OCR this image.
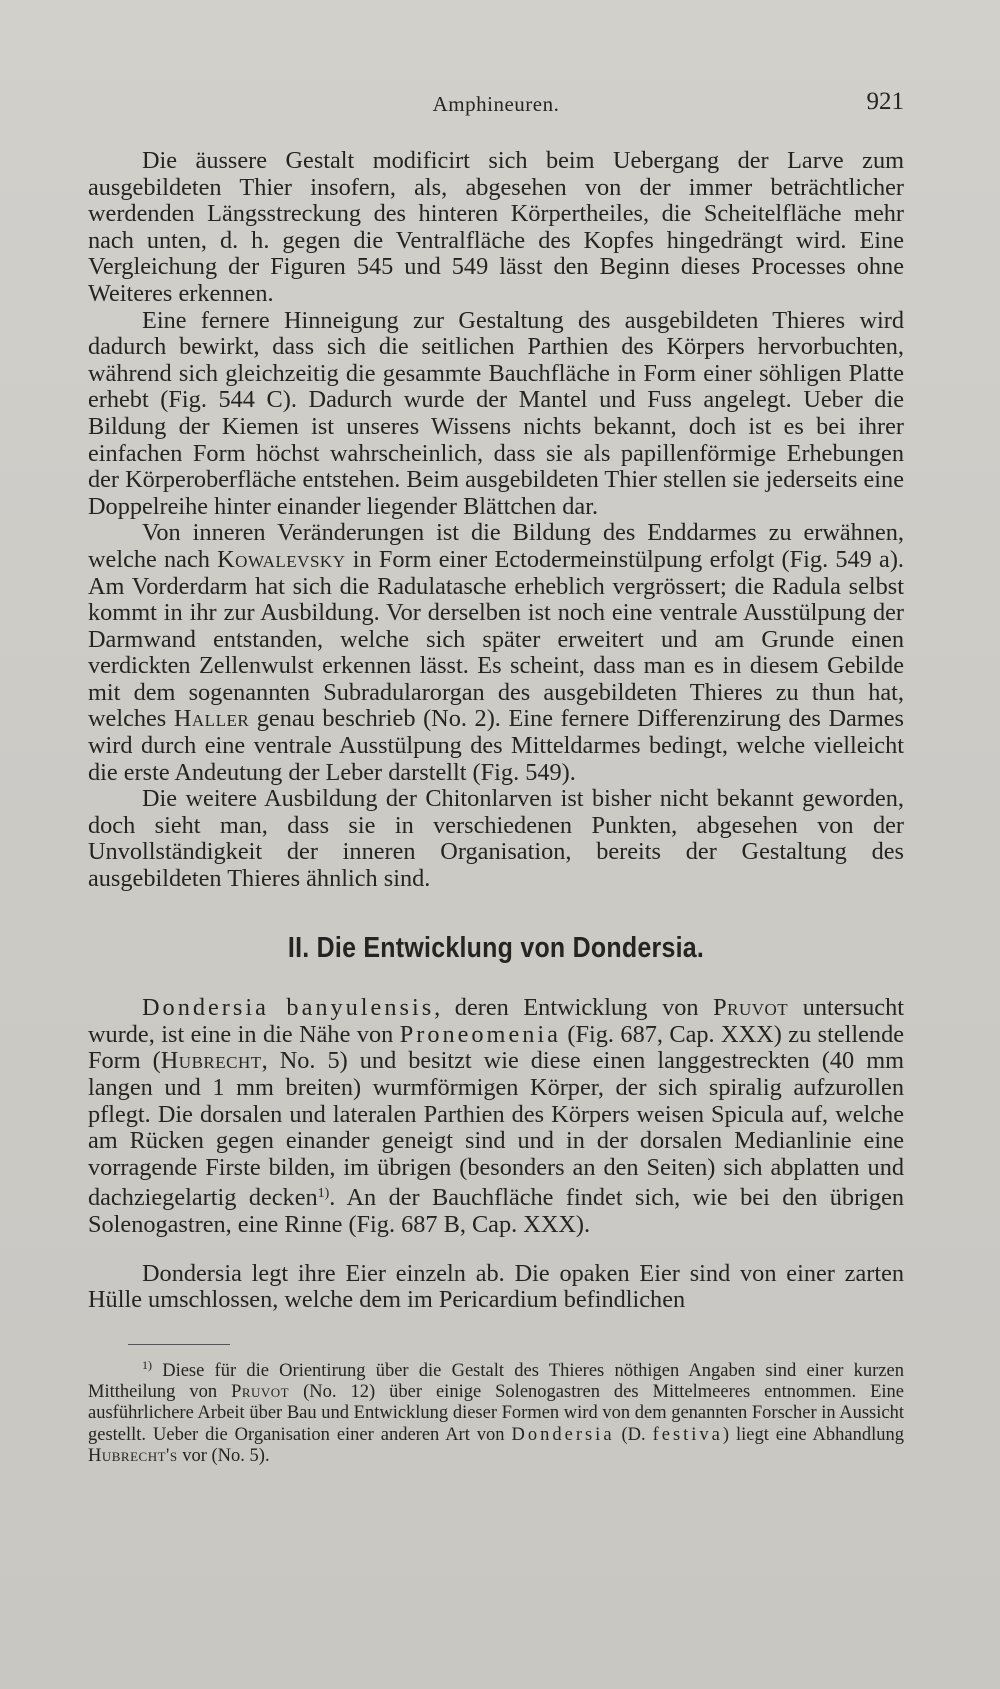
Amphineuren.	921

Die äussere Gestalt modificirt sich beim Uebergang der Larve zum ausgebildeten Thier insofern, als, abgesehen von der immer beträchtlicher werdenden Längsstreckung des hinteren Körpertheiles, die Scheitelfläche mehr nach unten, d. h. gegen die Ventralfläche des Kopfes hingedrängt wird. Eine Vergleichung der Figuren 545 und 549 lässt den Beginn dieses Processes ohne Weiteres erkennen.

Eine fernere Hinneigung zur Gestaltung des ausgebildeten Thieres wird dadurch bewirkt, dass sich die seitlichen Parthien des Körpers hervorbuchten, während sich gleichzeitig die gesammte Bauchfläche in Form einer söhligen Platte erhebt (Fig. 544 C). Dadurch wurde der Mantel und Fuss angelegt. Ueber die Bildung der Kiemen ist unseres Wissens nichts bekannt, doch ist es bei ihrer einfachen Form höchst wahrscheinlich, dass sie als papillenförmige Erhebungen der Körperoberfläche entstehen. Beim ausgebildeten Thier stellen sie jederseits eine Doppelreihe hinter einander liegender Blättchen dar.

Von inneren Veränderungen ist die Bildung des Enddarmes zu erwähnen, welche nach Kowalevsky in Form einer Ectodermeinstülpung erfolgt (Fig. 549 a). Am Vorderdarm hat sich die Radulatasche erheblich vergrössert; die Radula selbst kommt in ihr zur Ausbildung. Vor derselben ist noch eine ventrale Ausstülpung der Darmwand entstanden, welche sich später erweitert und am Grunde einen verdickten Zellenwulst erkennen lässt. Es scheint, dass man es in diesem Gebilde mit dem sogenannten Subradularorgan des ausgebildeten Thieres zu thun hat, welches Haller genau beschrieb (No. 2). Eine fernere Differenzirung des Darmes wird durch eine ventrale Ausstülpung des Mitteldarmes bedingt, welche vielleicht die erste Andeutung der Leber darstellt (Fig. 549).

Die weitere Ausbildung der Chitonlarven ist bisher nicht bekannt geworden, doch sieht man, dass sie in verschiedenen Punkten, abgesehen von der Unvollständigkeit der inneren Organisation, bereits der Gestaltung des ausgebildeten Thieres ähnlich sind.

II. Die Entwicklung von Dondersia.

Dondersia banyulensis, deren Entwicklung von Pruvot untersucht wurde, ist eine in die Nähe von Proneomenia (Fig. 687, Cap. XXX) zu stellende Form (Hubrecht, No. 5) und besitzt wie diese einen langgestreckten (40 mm langen und 1 mm breiten) wurmförmigen Körper, der sich spiralig aufzurollen pflegt. Die dorsalen und lateralen Parthien des Körpers weisen Spicula auf, welche am Rücken gegen einander geneigt sind und in der dorsalen Medianlinie eine vorragende Firste bilden, im übrigen (besonders an den Seiten) sich abplatten und dachziegelartig decken$^{1)}$. An der Bauchfläche findet sich, wie bei den übrigen Solenogastren, eine Rinne (Fig. 687 B, Cap. XXX).

Dondersia legt ihre Eier einzeln ab. Die opaken Eier sind von einer zarten Hülle umschlossen, welche dem im Pericardium befindlichen

$^{1)}$ Diese für die Orientirung über die Gestalt des Thieres nöthigen Angaben sind einer kurzen Mittheilung von Pruvot (No. 12) über einige Solenogastren des Mittelmeeres entnommen. Eine ausführlichere Arbeit über Bau und Entwicklung dieser Formen wird von dem genannten Forscher in Aussicht gestellt. Ueber die Organisation einer anderen Art von Dondersia (D. festiva) liegt eine Abhandlung Hubrecht's vor (No. 5).
